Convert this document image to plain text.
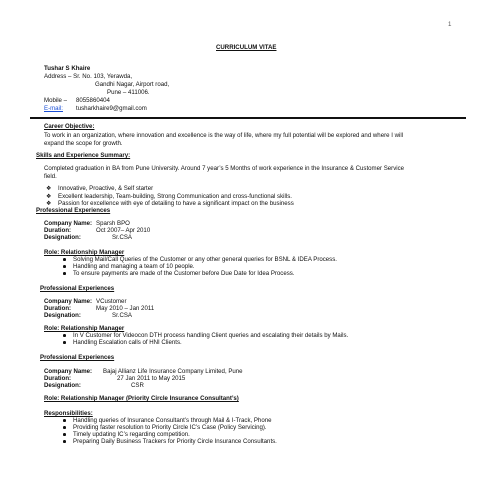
1
CURRICULUM VITAE
Tushar S Khaire
Address – Sr. No. 103, Yerawda,
Gandhi Nagar, Airport road,
Pune – 411006.
Mobile – 8055860404
E-mail: tusharkhaire9@gmail.com
Career Objective:
To work in an organization, where innovation and excellence is the way of life, where my full potential will be explored and where I will
expand the scope for growth.
Skills and Experience Summary:
Completed graduation in BA from Pune University. Around 7 year’s 5 Months of work experience in the Insurance & Customer Service
field.
❖ Innovative, Proactive, & Self starter
❖ Excellent leadership, Team-building, Strong Communication and cross-functional skills.
❖ Passion for excellence with eye of detailing to have a significant impact on the business
Professional Experiences
Company Name: Sparsh BPO
Duration:	Oct 2007– Apr 2010
Designation:	Sr.CSA
Role: Relationship Manager
Solving Mail/Call Queries of the Customer or any other general queries for BSNL & IDEA Process.
Handling and managing a team of 10 people.
To ensure payments are made of the Customer before Due Date for Idea Process.
Professional Experiences
Company Name: VCustomer
Duration:	May 2010 – Jan 2011
Designation:	Sr.CSA
Role: Relationship Manager
In V Customer for Videocon DTH process handling Client queries and escalating their details by Mails.
Handling Escalation calls of HNI Clients.
Professional Experiences
Company Name: Bajaj Allianz Life Insurance Company Limited, Pune
Duration:	27 Jan 2011 to May 2015
Designation:	CSR
Role: Relationship Manager (Priority Circle Insurance Consultant’s)
Responsibilities:
Handling queries of Insurance Consultant’s through Mail & I-Track, Phone
Providing faster resolution to Priority Circle IC’s Case (Policy Servicing).
Timely updating IC’s regarding competition.
Preparing Daily Business Trackers for Priority Circle Insurance Consultants.
